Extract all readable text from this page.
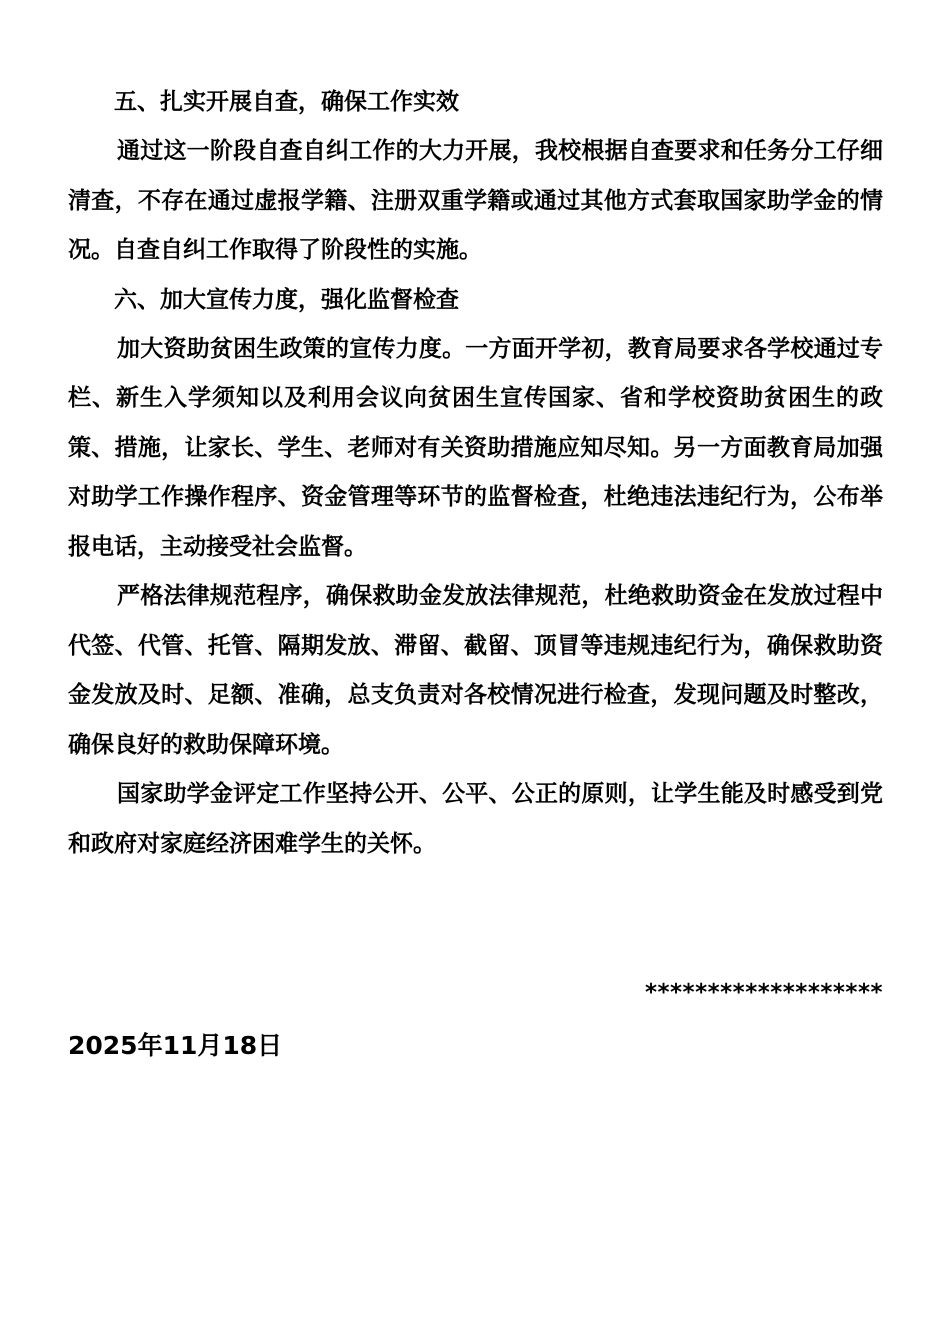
五、扎实开展自查，确保工作实效

通过这一阶段自查自纠工作的大力开展，我校根据自查要求和任务分工仔细清查，不存在通过虚报学籍、注册双重学籍或通过其他方式套取国家助学金的情况。自查自纠工作取得了阶段性的实施。

六、加大宣传力度，强化监督检查

加大资助贫困生政策的宣传力度。一方面开学初，教育局要求各学校通过专栏、新生入学须知以及利用会议向贫困生宣传国家、省和学校资助贫困生的政策、措施，让家长、学生、老师对有关资助措施应知尽知。另一方面教育局加强对助学工作操作程序、资金管理等环节的监督检查，杜绝违法违纪行为，公布举报电话，主动接受社会监督。

严格法律规范程序，确保救助金发放法律规范，杜绝救助资金在发放过程中代签、代管、托管、隔期发放、滞留、截留、顶冒等违规违纪行为，确保救助资金发放及时、足额、准确，总支负责对各校情况进行检查，发现问题及时整改，确保良好的救助保障环境。

国家助学金评定工作坚持公开、公平、公正的原则，让学生能及时感受到党和政府对家庭经济困难学生的关怀。

*******************
2025年11月18日
